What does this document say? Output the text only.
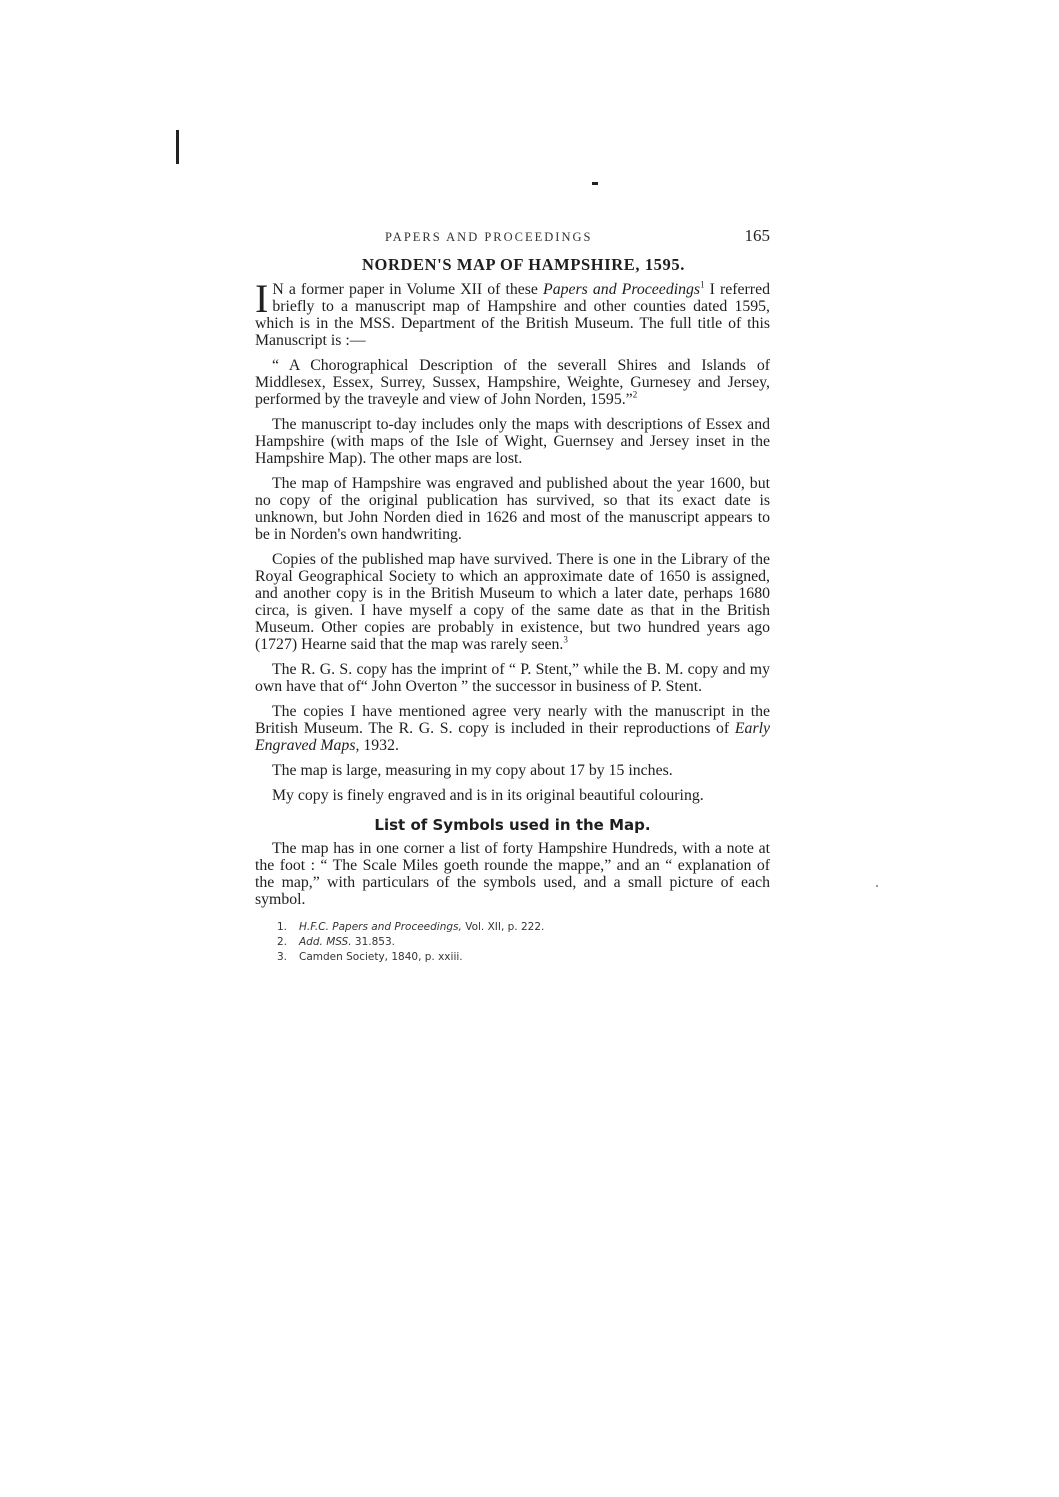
PAPERS AND PROCEEDINGS	165
NORDEN'S MAP OF HAMPSHIRE, 1595.

I N a former paper in Volume XII of these Papers and Proceedings$^1$ I referred briefly to a manuscript map of Hampshire and other counties dated 1595, which is in the MSS. Department of the British Museum. The full title of this Manuscript is :—

“ A Chorographical Description of the severall Shires and Islands of Middlesex, Essex, Surrey, Sussex, Hampshire, Weighte, Gurnesey and Jersey, performed by the traveyle and view of John Norden, 1595.”$^2$

The manuscript to-day includes only the maps with descriptions of Essex and Hampshire (with maps of the Isle of Wight, Guernsey and Jersey inset in the Hampshire Map). The other maps are lost.

The map of Hampshire was engraved and published about the year 1600, but no copy of the original publication has survived, so that its exact date is unknown, but John Norden died in 1626 and most of the manuscript appears to be in Norden's own handwriting.

Copies of the published map have survived. There is one in the Library of the Royal Geographical Society to which an approximate date of 1650 is assigned, and another copy is in the British Museum to which a later date, perhaps 1680 circa, is given. I have myself a copy of the same date as that in the British Museum. Other copies are probably in existence, but two hundred years ago (1727) Hearne said that the map was rarely seen.$^3$

The R. G. S. copy has the imprint of “ P. Stent,” while the B. M. copy and my own have that of“ John Overton ” the successor in business of P. Stent.

The copies I have mentioned agree very nearly with the manuscript in the British Museum. The R. G. S. copy is included in their reproductions of Early Engraved Maps, 1932.

The map is large, measuring in my copy about 17 by 15 inches.

My copy is finely engraved and is in its original beautiful colouring.

List of Symbols used in the Map.

The map has in one corner a list of forty Hampshire Hundreds, with a note at the foot : “ The Scale Miles goeth rounde the mappe,” and an “ explanation of the map,” with particulars of the symbols used, and a small picture of each symbol.

1. H.F.C. Papers and Proceedings, Vol. XII, p. 222.
2. Add. MSS. 31.853.
3. Camden Society, 1840, p. xxiii.
